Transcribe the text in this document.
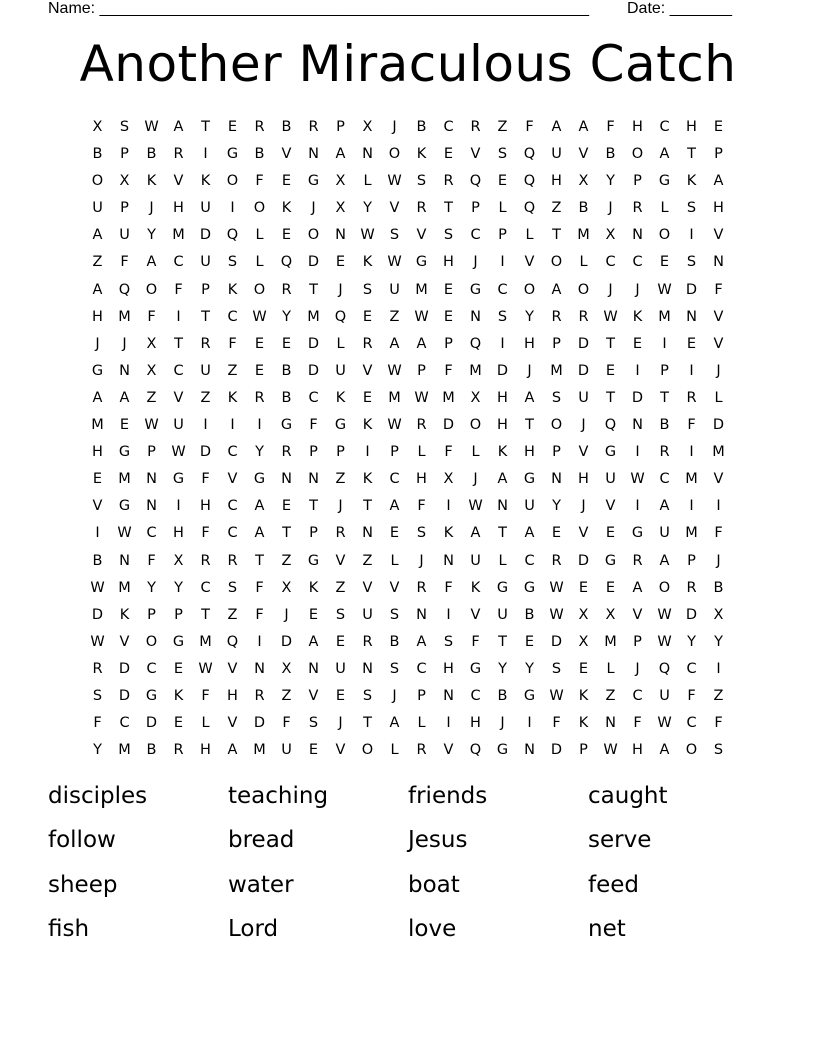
Name: _______________________________________________________ Date: _______
Another Miraculous Catch
X	S	W	A	T	E	R	B	R	P	X	J	B	C	R	Z	F	A	A	F	H	C	H	E
B	P	B	R	I	G	B	V	N	A	N	O	K	E	V	S	Q	U	V	B	O	A	T	P
O	X	K	V	K	O	F	E	G	X	L	W	S	R	Q	E	Q	H	X	Y	P	G	K	A
U	P	J	H	U	I	O	K	J	X	Y	V	R	T	P	L	Q	Z	B	J	R	L	S	H
A	U	Y	M	D	Q	L	E	O	N W	S	V	S	C	P	L	T	M	X	N	O	I	V
Z	F	A	C	U	S	L	Q	D	E	K	W G	H	J	I	V	O	L	C	C	E	S	N
A	Q	O	F	P	K	O	R	T	J	S	U	M	E	G	C	O	A	O	J	J	W D	F
H	M	F	I	T	C	W	Y	M	Q	E	Z	W	E	N	S	Y	R	R	W	K	M	N	V
J	J	X	T	R	F	E	E	D	L	R	A	A	P	Q	I	H	P	D	T	E	I	E	V
G	N	X	C	U	Z	E	B	D	U	V	W	P	F	M	D	J	M	D	E	I	P	I	J
A	A	Z	V	Z	K	R	B	C	K	E	M W M	X	H	A	S	U	T	D	T	R	L
M	E	W	U	I	I	I	G	F	G	K	W	R	D	O	H	T	O	J	Q	N	B	F	D
H	G	P	W D	C	Y	R	P	P	I	P	L	F	L	K	H	P	V	G	I	R	I	M
E	M	N	G	F	V	G	N	N	Z	K	C	H	X	J	A	G	N	H	U	W	C	M	V
V	G	N	I	H	C	A	E	T	J	T	A	F	I	W N	U	Y	J	V	I	A	I	I
I	W	C	H	F	C	A	T	P	R	N	E	S	K	A	T	A	E	V	E	G	U	M	F
B	N	F	X	R	R	T	Z	G	V	Z	L	J	N	U	L	C	R	D	G	R	A	P	J
W M	Y	Y	C	S	F	X	K	Z	V	V	R	F	K	G	G W	E	E	A	O	R	B
D	K	P	P	T	Z	F	J	E	S	U	S	N	I	V	U	B	W	X	X	V	W D	X
W	V	O	G	M	Q	I	D	A	E	R	B	A	S	F	T	E	D	X	M	P	W	Y	Y
R	D	C	E	W	V	N	X	N	U	N	S	C	H	G	Y	Y	S	E	L	J	Q	C	I
S	D	G	K	F	H	R	Z	V	E	S	J	P	N	C	B	G W	K	Z	C	U	F	Z
F	C	D	E	L	V	D	F	S	J	T	A	L	I	H	J	I	F	K	N	F	W	C	F
Y	M	B	R	H	A	M	U	E	V	O	L	R	V	Q	G	N	D	P	W H	A	O	S
disciples	teaching	friends	caught
follow	bread	Jesus	serve
sheep	water	boat	feed
fish	Lord	love	net
